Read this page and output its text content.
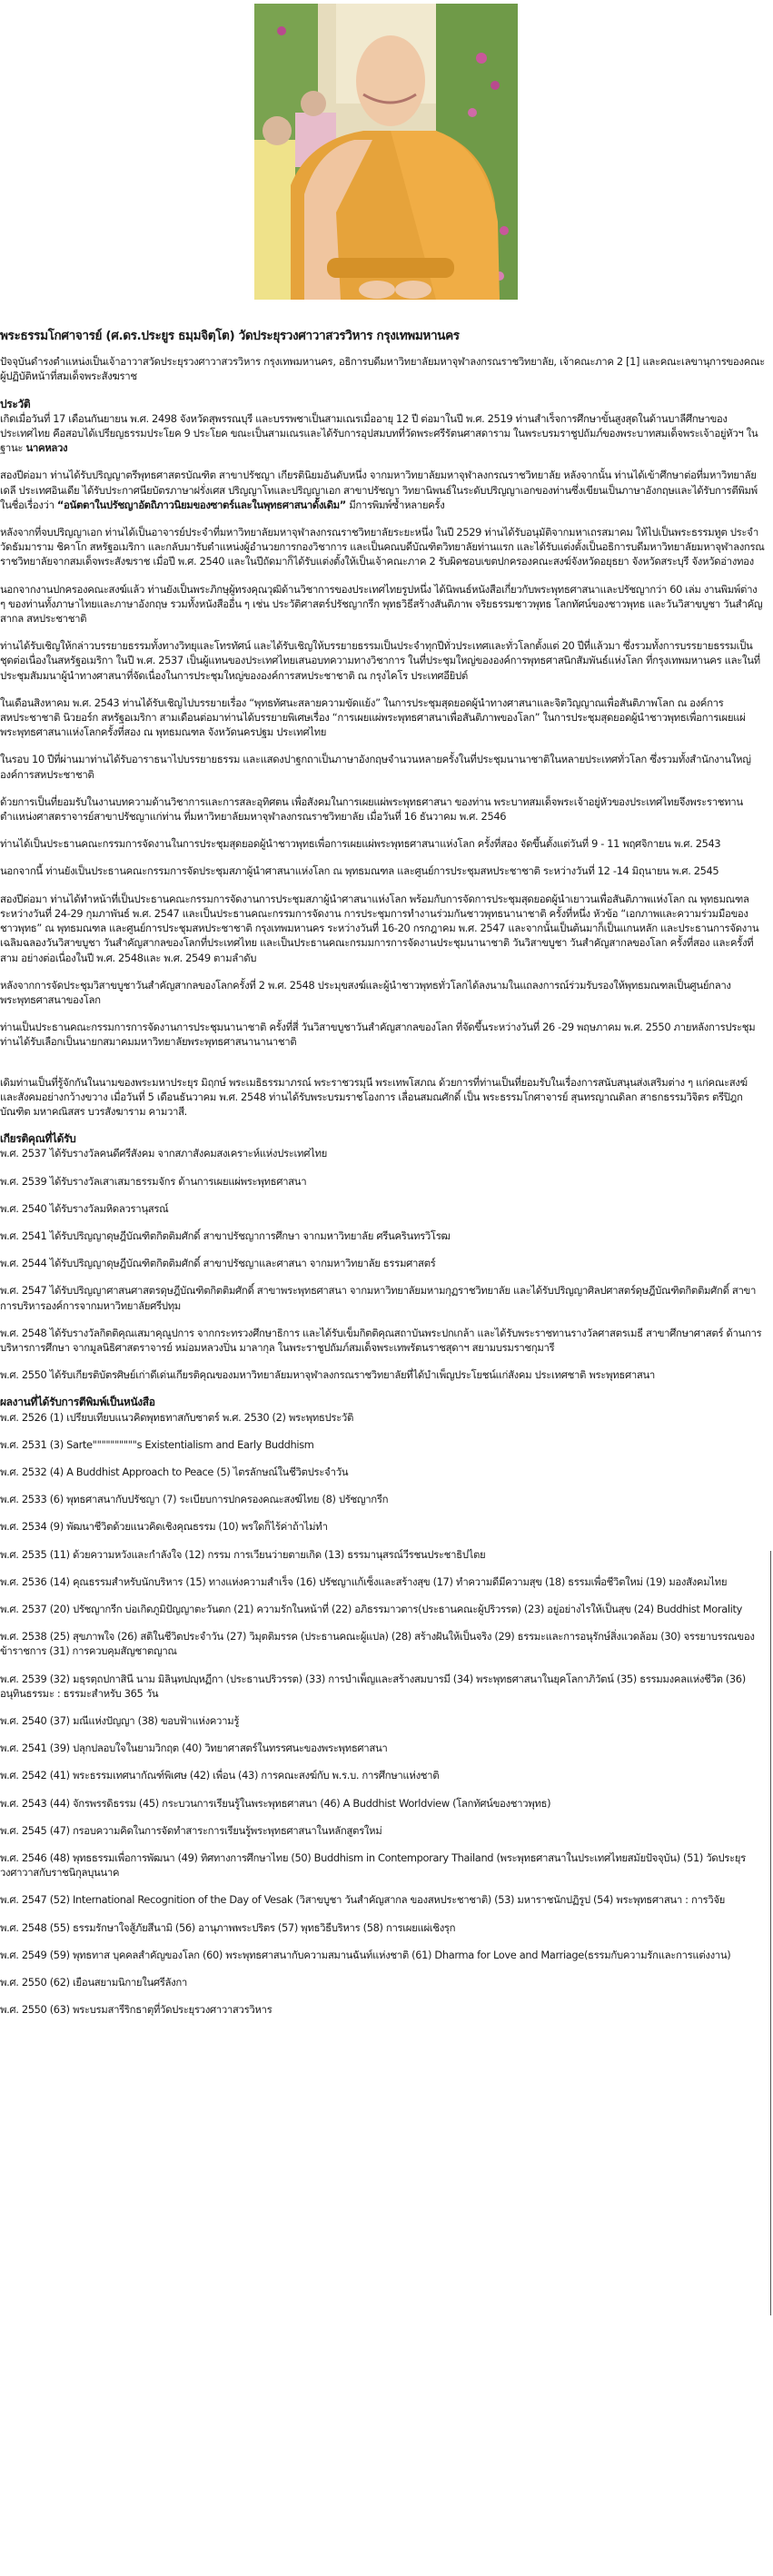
พระธรรมโกศาจารย์ (ศ.ดร.ประยูร ธมฺมจิตฺโต) วัดประยุรวงศาวาสวรวิหาร กรุงเทพมหานคร

ปัจจุบันดำรงตำแหน่งเป็นเจ้าอาวาสวัดประยุรวงศาวาสวรวิหาร กรุงเทพมหานคร, อธิการบดีมหาวิทยาลัยมหาจุฬาลงกรณราชวิทยาลัย, เจ้าคณะภาค 2 [1] และคณะเลขานุการของคณะผู้ปฏิบัติหน้าที่สมเด็จพระสังฆราช

ประวัติ

เกิดเมื่อวันที่ 17 เดือนกันยายน พ.ศ. 2498 จังหวัดสุพรรณบุรี และบรรพชาเป็นสามเณรเมื่ออายุ 12 ปี ต่อมาในปี พ.ศ. 2519 ท่านสำเร็จการศึกษาขั้นสูงสุดในด้านบาลีศึกษาของประเทศไทย คือสอบได้เปรียญธรรมประโยค 9 ประโยค ขณะเป็นสามเณรและได้รับการอุปสมบทที่วัดพระศรีรัตนศาสดาราม ในพระบรมราชูปถัมภ์ของพระบาทสมเด็จพระเจ้าอยู่หัวฯ ในฐานะ นาคหลวง

สองปีต่อมา ท่านได้รับปริญญาตรีพุทธศาสตรบัณฑิต สาขาปรัชญา เกียรตินิยมอันดับหนึ่ง จากมหาวิทยาลัยมหาจุฬาลงกรณราชวิทยาลัย หลังจากนั้น ท่านได้เข้าศึกษาต่อที่มหาวิทยาลัยเดลี ประเทศอินเดีย ได้รับประกาศนียบัตรภาษาฝรั่งเศส ปริญญาโทและปริญญาเอก สาขาปรัชญา วิทยานิพนธ์ในระดับปริญญาเอกของท่านซึ่งเขียนเป็นภาษาอังกฤษและได้รับการตีพิมพ์ในชื่อเรื่องว่า “อนัตตาในปรัชญาอัตถิภาวนิยมของซาตร์และในพุทธศาสนาดั้งเดิม” มีการพิมพ์ซ้ำหลายครั้ง

หลังจากที่จบปริญญาเอก ท่านได้เป็นอาจารย์ประจำที่มหาวิทยาลัยมหาจุฬาลงกรณราชวิทยาลัยระยะหนึ่ง ในปี 2529 ท่านได้รับอนุมัติจากมหาเถรสมาคม ให้ไปเป็นพระธรรมทูต ประจำวัดธัมมาราม ชิคาโก สหรัฐอเมริกา และกลับมารับตำแหน่งผู้อำนวยการกองวิชาการ และเป็นคณบดีบัณฑิตวิทยาลัยท่านแรก และได้รับแต่งตั้งเป็นอธิการบดีมหาวิทยาลัยมหาจุฬาลงกรณราชวิทยาลัยจากสมเด็จพระสังฆราช เมื่อปี พ.ศ. 2540 และในปีถัดมาก็ได้รับแต่งตั้งให้เป็นเจ้าคณะภาค 2 รับผิดชอบเขตปกครองคณะสงฆ์จังหวัดอยุธยา จังหวัดสระบุรี จังหวัดอ่างทอง

นอกจากงานปกครองคณะสงฆ์แล้ว ท่านยังเป็นพระภิกษุผู้ทรงคุณวุฒิด้านวิชาการของประเทศไทยรูปหนึ่ง ได้นิพนธ์หนังสือเกี่ยวกับพระพุทธศาสนาและปรัชญากว่า 60 เล่ม งานพิมพ์ต่าง ๆ ของท่านทั้งภาษาไทยและภาษาอังกฤษ รวมทั้งหนังสืออื่น ๆ เช่น ประวัติศาสตร์ปรัชญากรีก พุทธวิธีสร้างสันติภาพ จริยธรรมชาวพุทธ โลกทัศน์ของชาวพุทธ และวันวิสาขบูชา วันสำคัญสากล สหประชาชาติ

ท่านได้รับเชิญให้กล่าวบรรยายธรรมทั้งทางวิทยุและโทรทัศน์ และได้รับเชิญให้บรรยายธรรมเป็นประจำทุกปีทั่วประเทศและทั่วโลกตั้งแต่ 20 ปีที่แล้วมา ซึ่งรวมทั้งการบรรยายธรรมเป็นชุดต่อเนื่องในสหรัฐอเมริกา ในปี พ.ศ. 2537 เป็นผู้แทนของประเทศไทยเสนอบทความทางวิชาการ ในที่ประชุมใหญ่ขององค์การพุทธศาสนิกสัมพันธ์แห่งโลก ที่กรุงเทพมหานคร และในที่ประชุมสัมมนาผู้นำทางศาสนาที่จัดเนื่องในการประชุมใหญ่ขององค์การสหประชาชาติ ณ กรุงไคโร ประเทศอียิปต์

ในเดือนสิงหาคม พ.ศ. 2543 ท่านได้รับเชิญไปบรรยายเรื่อง “พุทธทัศนะสลายความขัดแย้ง” ในการประชุมสุดยอดผู้นำทางศาสนาและจิตวิญญาณเพื่อสันติภาพโลก ณ องค์การสหประชาชาติ นิวยอร์ก สหรัฐอเมริกา สามเดือนต่อมาท่านได้บรรยายพิเศษเรื่อง “การเผยแผ่พระพุทธศาสนาเพื่อสันติภาพของโลก” ในการประชุมสุดยอดผู้นำชาวพุทธเพื่อการเผยแผ่พระพุทธศาสนาแห่งโลกครั้งที่สอง ณ พุทธมณฑล จังหวัดนครปฐม ประเทศไทย

ในรอบ 10 ปีที่ผ่านมาท่านได้รับอาราธนาไปบรรยายธรรม และแสดงปาฐกถาเป็นภาษาอังกฤษจำนวนหลายครั้งในที่ประชุมนานาชาติในหลายประเทศทั่วโลก ซึ่งรวมทั้งสำนักงานใหญ่องค์การสหประชาชาติ

ด้วยการเป็นที่ยอมรับในงานบทความด้านวิชาการและการสละอุทิศตน เพื่อสังคมในการเผยแผ่พระพุทธศาสนา ของท่าน พระบาทสมเด็จพระเจ้าอยู่หัวของประเทศไทยจึงพระราชทานตำแหน่งศาสตราจารย์สาขาปรัชญาแก่ท่าน ที่มหาวิทยาลัยมหาจุฬาลงกรณราชวิทยาลัย เมื่อวันที่ 16 ธันวาคม พ.ศ. 2546

ท่านได้เป็นประธานคณะกรรมการจัดงานในการประชุมสุดยอดผู้นำชาวพุทธเพื่อการเผยแผ่พระพุทธศาสนาแห่งโลก ครั้งที่สอง จัดขึ้นตั้งแต่วันที่ 9 - 11 พฤศจิกายน พ.ศ. 2543

นอกจากนี้ ท่านยังเป็นประธานคณะกรรมการจัดประชุมสภาผู้นำศาสนาแห่งโลก ณ พุทธมณฑล และศูนย์การประชุมสหประชาชาติ ระหว่างวันที่ 12 -14 มิถุนายน พ.ศ. 2545

สองปีต่อมา ท่านได้ทำหน้าที่เป็นประธานคณะกรรมการจัดงานการประชุมสภาผู้นำศาสนาแห่งโลก พร้อมกับการจัดการประชุมสุดยอดผู้นำเยาวนเพื่อสันติภาพแห่งโลก ณ พุทธมณฑล ระหว่างวันที่ 24-29 กุมภาพันธ์ พ.ศ. 2547 และเป็นประธานคณะกรรมการจัดงาน การประชุมการทำงานร่วมกันชาวพุทธนานาชาติ ครั้งที่หนึ่ง หัวข้อ “เอกภาพและความร่วมมือของชาวพุทธ” ณ พุทธมณฑล และศูนย์การประชุมสหประชาชาติ กรุงเทพมหานคร ระหว่างวันที่ 16-20 กรกฎาคม พ.ศ. 2547 และจากนั้นเป็นต้นมาก็เป็นแกนหลัก และประธานการจัดงานเฉลิมฉลองวันวิสาขบูชา วันสำคัญสากลของโลกที่ประเทศไทย และเป็นประธานคณะกรมมการการจัดงานประชุมนานาชาติ วันวิสาขบูชา วันสำคัญสากลของโลก ครั้งที่สอง และครั้งที่สาม อย่างต่อเนื่องในปี พ.ศ. 2548และ พ.ศ. 2549 ตามลำดับ

หลังจากการจัดประชุมวิสาขบูชาวันสำคัญสากลของโลกครั้งที่ 2 พ.ศ. 2548 ประมุขสงฆ์และผู้นำชาวพุทธทั่วโลกได้ลงนามในแถลงการณ์ร่วมรับรองให้พุทธมณฑลเป็นศูนย์กลางพระพุทธศาสนาของโลก

ท่านเป็นประธานคณะกรรมการการจัดงานการประชุมนานาชาติ ครั้งที่สี่ วันวิสาขบูชาวันสำคัญสากลของโลก ที่จัดขึ้นระหว่างวันที่ 26 -29 พฤษภาคม พ.ศ. 2550 ภายหลังการประชุมท่านได้รับเลือกเป็นนายกสมาคมมหาวิทยาลัยพระพุทธศาสนานานาชาติ

เดิมท่านเป็นที่รู้จักกันในนามของพระมหาประยุร มิฤกษ์ พระเมธิธรรมาภรณ์ พระราชวรมุนี พระเทพโสภณ ด้วยการที่ท่านเป็นที่ยอมรับในเรื่องการสนับสนุนส่งเสริมต่าง ๆ แก่คณะสงฆ์และสังคมอย่างกว้างขวาง เมื่อวันที่ 5 เดือนธันวาคม พ.ศ. 2548 ท่านได้รับพระบรมราชโองการ เลื่อนสมณศักดิ์ เป็น พระธรรมโกศาจารย์ สุนทรญาณดิลก สาธกธรรมวิจิตร ตรีปิฎกบัณฑิต มหาคณิสสร บวรสังฆาราม คามวาสี.

เกียรติคุณที่ได้รับ

พ.ศ. 2537 ได้รับรางวัลคนดีศรีสังคม จากสภาสังคมสงเคราะห์แห่งประเทศไทย

พ.ศ. 2539 ได้รับรางวัลเสาเสมาธรรมจักร ด้านการเผยแผ่พระพุทธศาสนา

พ.ศ. 2540 ได้รับรางวัลมหิดลวรานุสรณ์

พ.ศ. 2541 ได้รับปริญญาดุษฎีบัณฑิตกิตติมศักดิ์ สาขาปรัชญาการศึกษา จากมหาวิทยาลัย ศรีนครินทรวิโรฒ

พ.ศ. 2544 ได้รับปริญญาดุษฎีบัณฑิตกิตติมศักดิ์ สาขาปรัชญาและศาสนา จากมหาวิทยาลัย ธรรมศาสตร์

พ.ศ. 2547 ได้รับปริญญาศาสนศาสตรดุษฎีบัณฑิตกิตติมศักดิ์ สาขาพระพุทธศาสนา จากมหาวิทยาลัยมหามกุฏราชวิทยาลัย และได้รับปริญญาศิลปศาสตร์ดุษฎีบัณฑิตกิตติมศักดิ์ สาขาการบริหารองค์การจากมหาวิทยาลัยศรีปทุม

พ.ศ. 2548 ได้รับรางวัลกิตติคุณเสมาคุณูปการ จากกระทรวงศึกษาธิการ และได้รับเข็มกิตติคุณสถาบันพระปกเกล้า และได้รับพระราชทานรางวัลศาสตรเมธี สาขาศึกษาศาสตร์ ด้านการบริหารการศึกษา จากมูลนิธิศาสตราจารย์ หม่อมหลวงปิ่น มาลากุล ในพระราชูปถัมภ์สมเด็จพระเทพรัตนราชสุดาฯ สยามบรมราชกุมารี

พ.ศ. 2550 ได้รับเกียรติบัตรศิษย์เก่าดีเด่นเกียรติคุณของมหาวิทยาลัยมหาจุฬาลงกรณราชวิทยาลัยที่ได้บำเพ็ญประโยชน์แก่สังคม ประเทศชาติ พระพุทธศาสนา

ผลงานที่ได้รับการตีพิมพ์เป็นหนังสือ

พ.ศ. 2526 (1) เปรียบเทียบแนวคิดพุทธทาสกับซาตร์ พ.ศ. 2530 (2) พระพุทธประวัติ

พ.ศ. 2531 (3) Sarte""""""""""s Existentialism and Early Buddhism

พ.ศ. 2532 (4) A Buddhist Approach to Peace (5) ไตรลักษณ์ในชีวิตประจำวัน

พ.ศ. 2533 (6) พุทธศาสนากับปรัชญา (7) ระเบียบการปกครองคณะสงฆ์ไทย (8) ปรัชญากรีก

พ.ศ. 2534 (9) พัฒนาชีวิตด้วยแนวคิดเชิงคุณธรรม (10) พรใดก็ไร้ค่าถ้าไม่ทำ

พ.ศ. 2535 (11) ด้วยความหวังและกำลังใจ (12) กรรม การเวียนว่ายตายเกิด (13) ธรรมานุสรณ์วีรชนประชาธิปไตย

พ.ศ. 2536 (14) คุณธรรมสำหรับนักบริหาร (15) ทางแห่งความสำเร็จ (16) ปรัชญาแก้เซ็งและสร้างสุข (17) ทำความดีมีความสุข (18) ธรรมเพื่อชีวิตใหม่ (19) มองสังคมไทย

พ.ศ. 2537 (20) ปรัชญากรีก บ่อเกิดภูมิปัญญาตะวันตก (21) ความรักในหน้าที่ (22) อภิธรรมาวตาร(ประธานคณะผู้ปริวรรต) (23) อยู่อย่างไรให้เป็นสุข (24) Buddhist Morality

พ.ศ. 2538 (25) สุขภาพใจ (26) สติในชีวิตประจำวัน (27) วิมุตติมรรค (ประธานคณะผู้แปล) (28) สร้างฝันให้เป็นจริง (29) ธรรมะและการอนุรักษ์สิ่งแวดล้อม (30) จรรยาบรรณของข้าราชการ (31) การควบคุมสัญชาตญาณ

พ.ศ. 2539 (32) มธุรตฺถปกาสินี นาม มิลินฺทปญฺหฏีกา (ประธานปริวรรต) (33) การบำเพ็ญและสร้างสมบารมี (34) พระพุทธศาสนาในยุคโลกาภิวัตน์ (35) ธรรมมงคลแห่งชีวิต (36) อนุทินธรรมะ : ธรรมะสำหรับ 365 วัน

พ.ศ. 2540 (37) มณีแห่งปัญญา (38) ขอบฟ้าแห่งความรู้

พ.ศ. 2541 (39) ปลุกปลอบใจในยามวิกฤต (40) วิทยาศาสตร์ในทรรศนะของพระพุทธศาสนา

พ.ศ. 2542 (41) พระธรรมเทศนากัณฑ์พิเศษ (42) เพื่อน (43) การคณะสงฆ์กับ พ.ร.บ. การศึกษาแห่งชาติ

พ.ศ. 2543 (44) จักรพรรดิธรรม (45) กระบวนการเรียนรู้ในพระพุทธศาสนา (46) A Buddhist Worldview (โลกทัศน์ของชาวพุทธ)

พ.ศ. 2545 (47) กรอบความคิดในการจัดทำสาระการเรียนรู้พระพุทธศาสนาในหลักสูตรใหม่

พ.ศ. 2546 (48) พุทธธรรมเพื่อการพัฒนา (49) ทิศทางการศึกษาไทย (50) Buddhism in Contemporary Thailand (พระพุทธศาสนาในประเทศไทยสมัยปัจจุบัน) (51) วัดประยุรวงศาวาสกับราชนิกุลบุนนาค

พ.ศ. 2547 (52) International Recognition of the Day of Vesak (วิสาขบูชา วันสำคัญสากล ของสหประชาชาติ) (53) มหาราชนักปฏิรูป (54) พระพุทธศาสนา : การวิจัย

พ.ศ. 2548 (55) ธรรมรักษาใจสู้ภัยสึนามิ (56) อานุภาพพระปริตร (57) พุทธวิธีบริหาร (58) การเผยแผ่เชิงรุก

พ.ศ. 2549 (59) พุทธทาส บุคคลสำคัญของโลก (60) พระพุทธศาสนากับความสมานฉันท์แห่งชาติ (61) Dharma for Love and Marriage(ธรรมกับความรักและการแต่งงาน)

พ.ศ. 2550 (62) เยือนสยามนิกายในศรีลังกา

พ.ศ. 2550 (63) พระบรมสารีริกธาตุที่วัดประยุรวงศาวาสวรวิหาร
